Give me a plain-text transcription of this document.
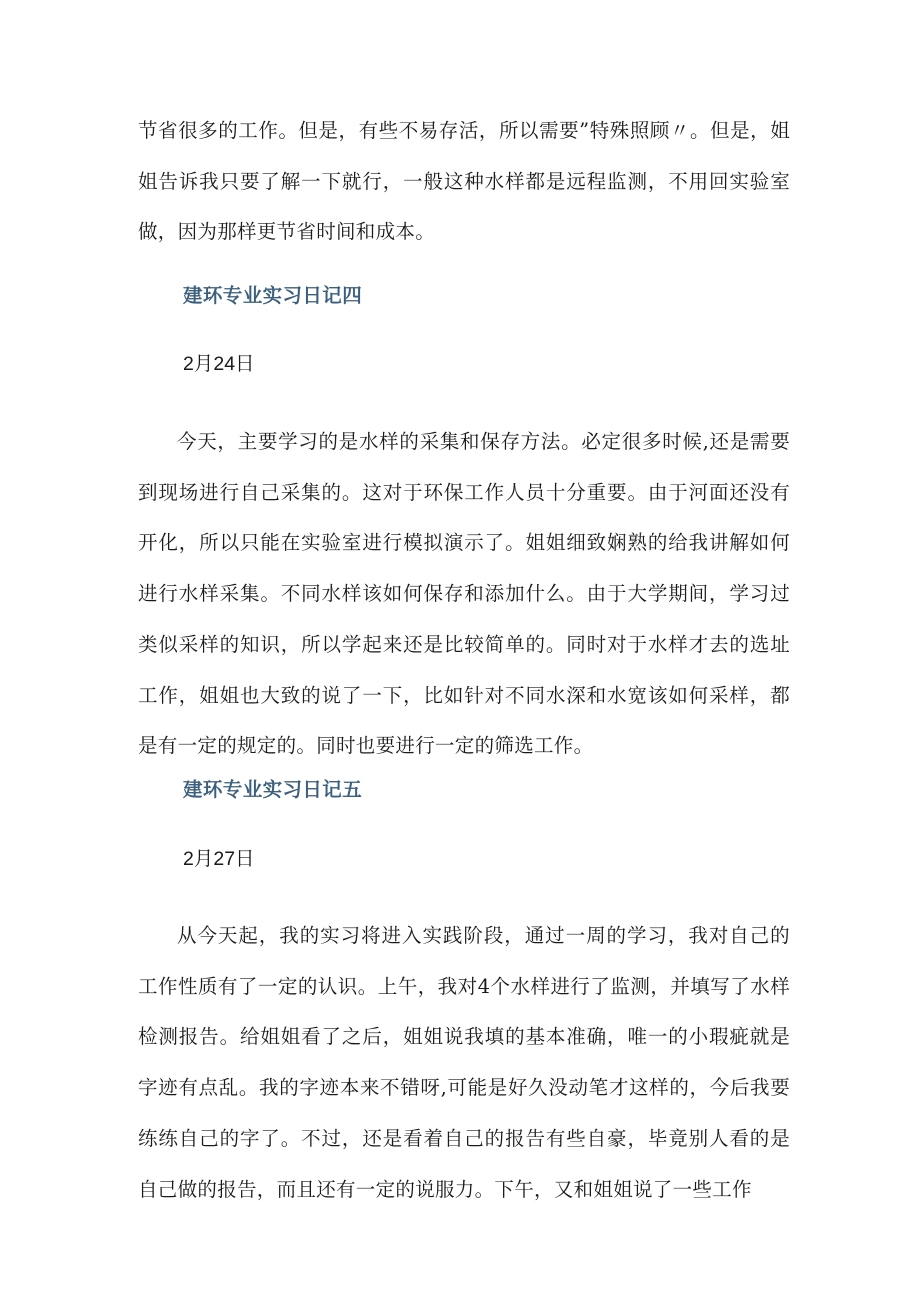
节省很多的工作。但是，有些不易存活，所以需要”特殊照顾〃。但是，姐姐告诉我只要了解一下就行，一般这种水样都是远程监测，不用回实验室做，因为那样更节省时间和成本。

建环专业实习日记四

2月24日

今天，主要学习的是水样的采集和保存方法。必定很多时候,还是需要到现场进行自己采集的。这对于环保工作人员十分重要。由于河面还没有开化，所以只能在实验室进行模拟演示了。姐姐细致娴熟的给我讲解如何进行水样采集。不同水样该如何保存和添加什么。由于大学期间，学习过类似采样的知识，所以学起来还是比较简单的。同时对于水样才去的选址工作，姐姐也大致的说了一下，比如针对不同水深和水宽该如何采样，都是有一定的规定的。同时也要进行一定的筛选工作。

建环专业实习日记五

2月27日

从今天起，我的实习将进入实践阶段，通过一周的学习，我对自己的工作性质有了一定的认识。上午，我对4个水样进行了监测，并填写了水样检测报告。给姐姐看了之后，姐姐说我填的基本准确，唯一的小瑕疵就是字迹有点乱。我的字迹本来不错呀,可能是好久没动笔才这样的，今后我要练练自己的字了。不过，还是看着自己的报告有些自豪，毕竟别人看的是自己做的报告，而且还有一定的说服力。下午，又和姐姐说了一些工作
